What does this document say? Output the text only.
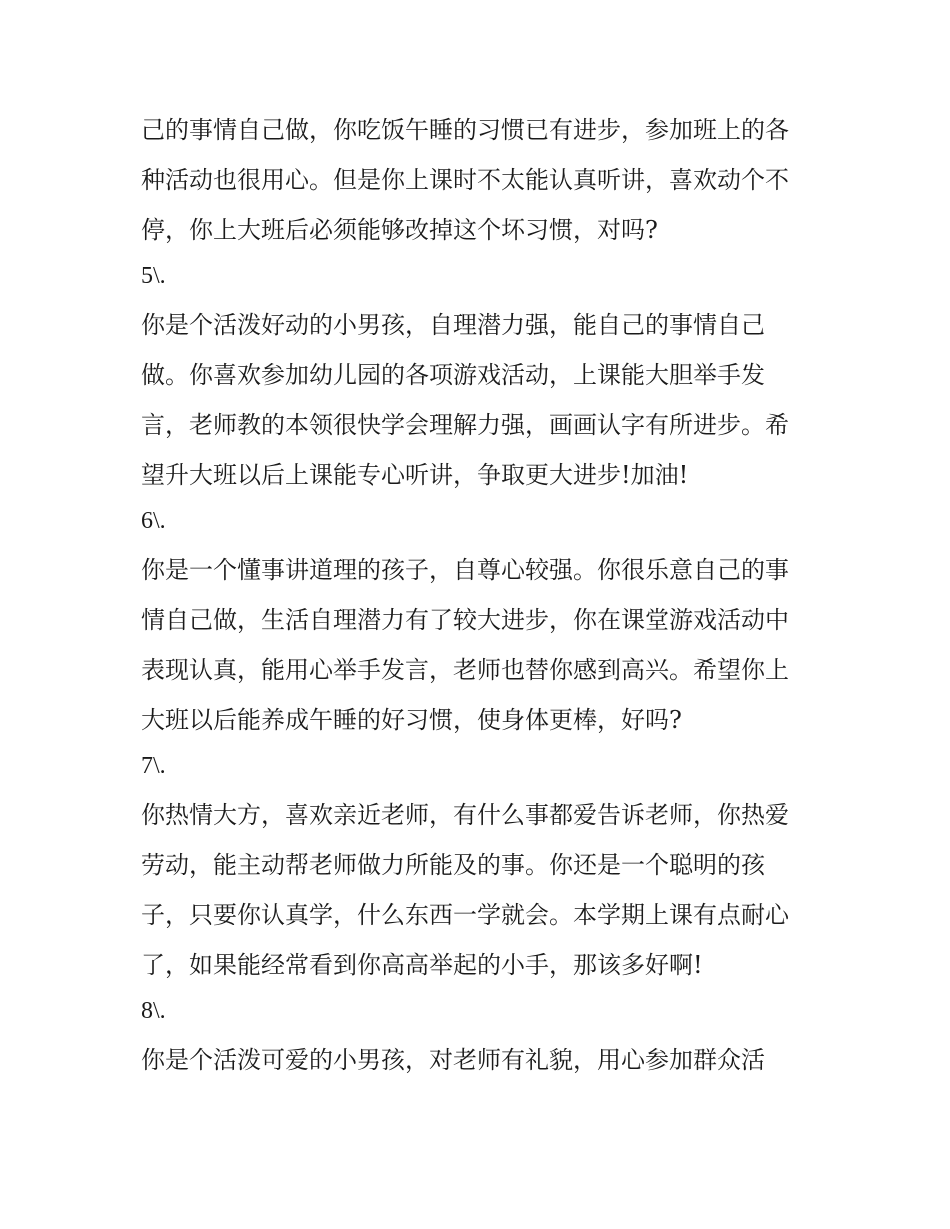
己的事情自己做，你吃饭午睡的习惯已有进步，参加班上的各
种活动也很用心。但是你上课时不太能认真听讲，喜欢动个不
停，你上大班后必须能够改掉这个坏习惯，对吗?
5\.
你是个活泼好动的小男孩，自理潜力强，能自己的事情自己
做。你喜欢参加幼儿园的各项游戏活动，上课能大胆举手发
言，老师教的本领很快学会理解力强，画画认字有所进步。希
望升大班以后上课能专心听讲，争取更大进步!加油!
6\.
你是一个懂事讲道理的孩子，自尊心较强。你很乐意自己的事
情自己做，生活自理潜力有了较大进步，你在课堂游戏活动中
表现认真，能用心举手发言，老师也替你感到高兴。希望你上
大班以后能养成午睡的好习惯，使身体更棒，好吗?
7\.
你热情大方，喜欢亲近老师，有什么事都爱告诉老师，你热爱
劳动，能主动帮老师做力所能及的事。你还是一个聪明的孩
子，只要你认真学，什么东西一学就会。本学期上课有点耐心
了，如果能经常看到你高高举起的小手，那该多好啊!
8\.
你是个活泼可爱的小男孩，对老师有礼貌，用心参加群众活
